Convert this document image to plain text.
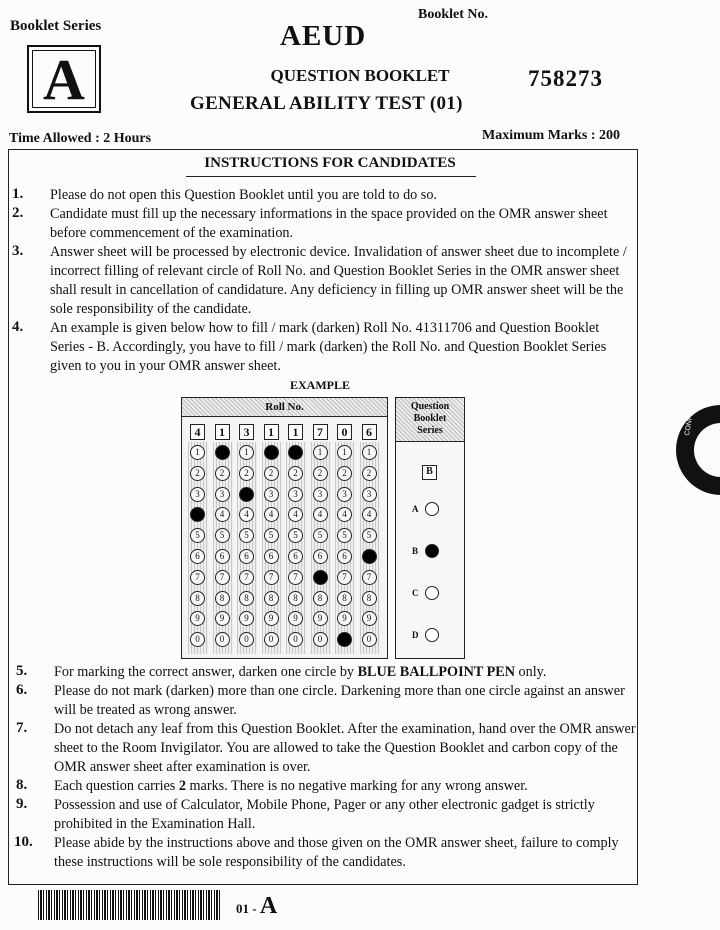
Booklet Series
A
AEUD
Booklet No.
758273
QUESTION BOOKLET
GENERAL ABILITY TEST (01)
Time Allowed : 2 Hours	Maximum Marks : 200
INSTRUCTIONS FOR CANDIDATES
1. Please do not open this Question Booklet until you are told to do so.
2. Candidate must fill up the necessary informations in the space provided on the OMR answer sheet before commencement of the examination.
3. Answer sheet will be processed by electronic device. Invalidation of answer sheet due to incomplete / incorrect filling of relevant circle of Roll No. and Question Booklet Series in the OMR answer sheet shall result in cancellation of candidature. Any deficiency in filling up OMR answer sheet will be the sole responsibility of the candidate.
4. An example is given below how to fill / mark (darken) Roll No. 41311706 and Question Booklet Series - B. Accordingly, you have to fill / mark (darken) the Roll No. and Question Booklet Series given to you in your OMR answer sheet.
5. For marking the correct answer, darken one circle by BLUE BALLPOINT PEN only.
6. Please do not mark (darken) more than one circle. Darkening more than one circle against an answer will be treated as wrong answer.
7. Do not detach any leaf from this Question Booklet. After the examination, hand over the OMR answer sheet to the Room Invigilator. You are allowed to take the Question Booklet and carbon copy of the OMR answer sheet after examination is over.
8. Each question carries 2 marks. There is no negative marking for any wrong answer.
9. Possession and use of Calculator, Mobile Phone, Pager or any other electronic gadget is strictly prohibited in the Examination Hall.
10. Please abide by the instructions above and those given on the OMR answer sheet, failure to comply these instructions will be sole responsibility of the candidates.
EXAMPLE
Roll No.
4
1
2
3
4
5
6
7
8
9
0
1
1
2
3
4
5
6
7
8
9
0
3
1
2
3
4
5
6
7
8
9
0
1
1
2
3
4
5
6
7
8
9
0
1
1
2
3
4
5
6
7
8
9
0
7
1
2
3
4
5
6
7
8
9
0
0
1
2
3
4
5
6
7
8
9
0
6
1
2
3
4
5
6
7
8
9
0
Question
Booklet
Series
B
A
B
C
D
CONFIDENTIAL
01 - A
